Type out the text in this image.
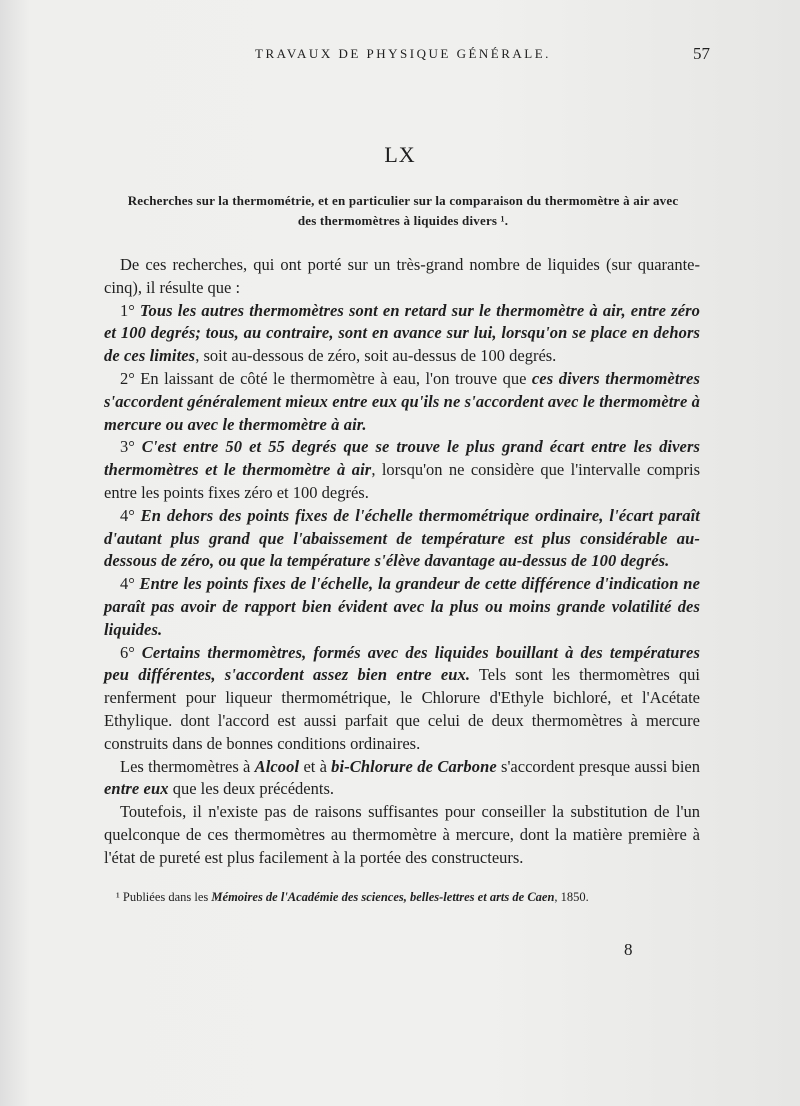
TRAVAUX DE PHYSIQUE GÉNÉRALE.	57
LX
Recherches sur la thermométrie, et en particulier sur la comparaison du thermomètre à air avec des thermomètres à liquides divers ¹.

De ces recherches, qui ont porté sur un très-grand nombre de liquides (sur quarante-cinq), il résulte que :

1° Tous les autres thermomètres sont en retard sur le thermomètre à air, entre zéro et 100 degrés; tous, au contraire, sont en avance sur lui, lorsqu'on se place en dehors de ces limites, soit au-dessous de zéro, soit au-dessus de 100 degrés.

2° En laissant de côté le thermomètre à eau, l'on trouve que ces divers thermomètres s'accordent généralement mieux entre eux qu'ils ne s'accordent avec le thermomètre à mercure ou avec le thermomètre à air.

3° C'est entre 50 et 55 degrés que se trouve le plus grand écart entre les divers thermomètres et le thermomètre à air, lorsqu'on ne considère que l'intervalle compris entre les points fixes zéro et 100 degrés.

4° En dehors des points fixes de l'échelle thermométrique ordinaire, l'écart paraît d'autant plus grand que l'abaissement de température est plus considérable au-dessous de zéro, ou que la température s'élève davantage au-dessus de 100 degrés.

4° Entre les points fixes de l'échelle, la grandeur de cette différence d'indication ne paraît pas avoir de rapport bien évident avec la plus ou moins grande volatilité des liquides.

6° Certains thermomètres, formés avec des liquides bouillant à des températures peu différentes, s'accordent assez bien entre eux. Tels sont les thermomètres qui renferment pour liqueur thermométrique, le Chlorure d'Ethyle bichloré, et l'Acétate Ethylique. dont l'accord est aussi parfait que celui de deux thermomètres à mercure construits dans de bonnes conditions ordinaires.

Les thermomètres à Alcool et à bi-Chlorure de Carbone s'accordent presque aussi bien entre eux que les deux précédents.

Toutefois, il n'existe pas de raisons suffisantes pour conseiller la substitution de l'un quelconque de ces thermomètres au thermomètre à mercure, dont la matière première à l'état de pureté est plus facilement à la portée des constructeurs.

¹ Publiées dans les Mémoires de l'Académie des sciences, belles-lettres et arts de Caen, 1850.
8
